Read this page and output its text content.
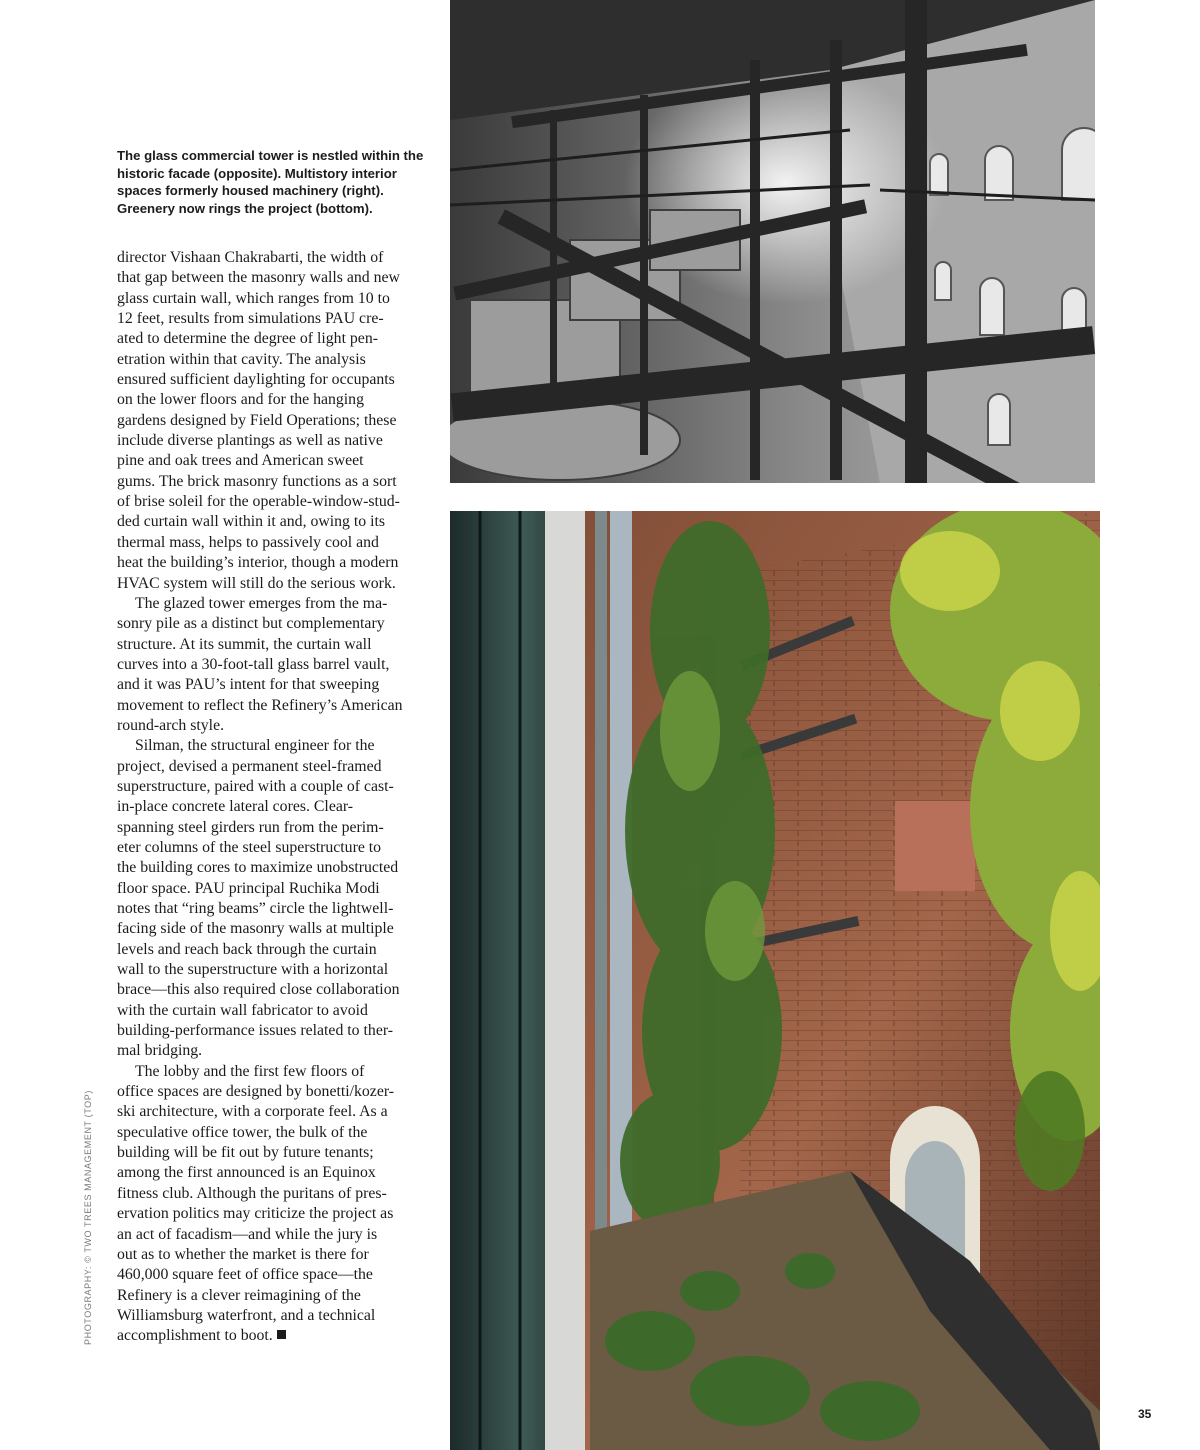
The glass commercial tower is nestled within the historic facade (opposite). Multistory interior spaces formerly housed machinery (right). Greenery now rings the project (bottom).

director Vishaan Chakrabarti, the width of
that gap between the masonry walls and new
glass curtain wall, which ranges from 10 to
12 feet, results from simulations PAU cre-
ated to determine the degree of light pen-
etration within that cavity. The analysis
ensured sufficient daylighting for occupants
on the lower floors and for the hanging
gardens designed by Field Operations; these
include diverse plantings as well as native
pine and oak trees and American sweet
gums. The brick masonry functions as a sort
of brise soleil for the operable-window-stud-
ded curtain wall within it and, owing to its
thermal mass, helps to passively cool and
heat the building’s interior, though a modern
HVAC system will still do the serious work.
The glazed tower emerges from the ma-
sonry pile as a distinct but complementary
structure. At its summit, the curtain wall
curves into a 30-foot-tall glass barrel vault,
and it was PAU’s intent for that sweeping
movement to reflect the Refinery’s American
round-arch style.
Silman, the structural engineer for the
project, devised a permanent steel-framed
superstructure, paired with a couple of cast-
in-place concrete lateral cores. Clear-
spanning steel girders run from the perim-
eter columns of the steel superstructure to
the building cores to maximize unobstructed
floor space. PAU principal Ruchika Modi
notes that “ring beams” circle the lightwell-
facing side of the masonry walls at multiple
levels and reach back through the curtain
wall to the superstructure with a horizontal
brace—this also required close collaboration
with the curtain wall fabricator to avoid
building-performance issues related to ther-
mal bridging.
The lobby and the first few floors of
office spaces are designed by bonetti/kozer-
ski architecture, with a corporate feel. As a
speculative office tower, the bulk of the
building will be fit out by future tenants;
among the first announced is an Equinox
fitness club. Although the puritans of pres-
ervation politics may criticize the project as
an act of facadism—and while the jury is
out as to whether the market is there for
460,000 square feet of office space—the
Refinery is a clever reimagining of the
Williamsburg waterfront, and a technical
accomplishment to boot.
PHOTOGRAPHY: © TWO TREES MANAGEMENT (TOP)
35
